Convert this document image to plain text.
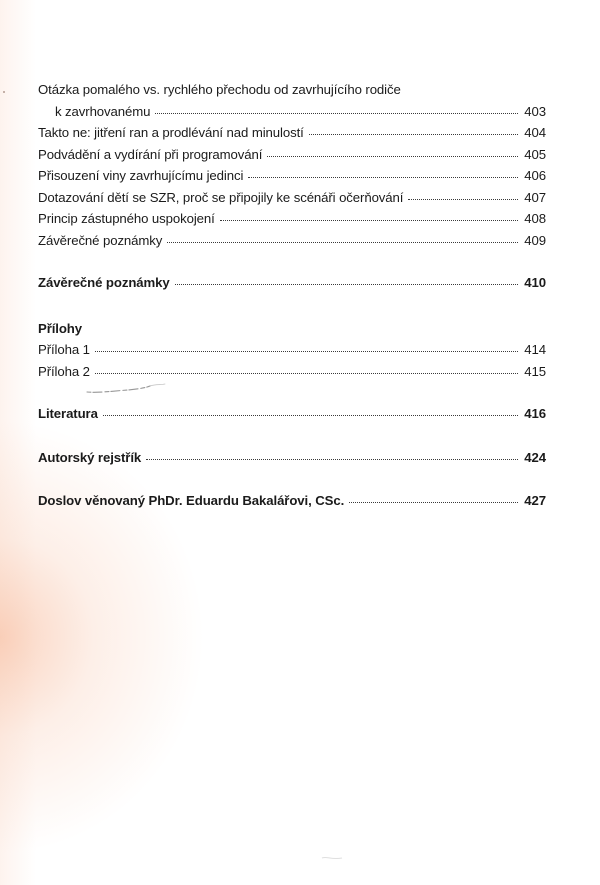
Otázka pomalého vs. rychlého přechodu od zavrhujícího rodiče
k zavrhovanému	403
Takto ne: jitření ran a prodlévání nad minulostí	404
Podvádění a vydírání při programování	405
Přisouzení viny zavrhujícímu jedinci	406
Dotazování dětí se SZR, proč se připojily ke scénáři očerňování	407
Princip zástupného uspokojení	408
Závěrečné poznámky	409
Závěrečné poznámky	410
Přílohy
Příloha 1	414
Příloha 2	415
Literatura	416
Autorský rejstřík	424
Doslov věnovaný PhDr. Eduardu Bakalářovi, CSc.	427
